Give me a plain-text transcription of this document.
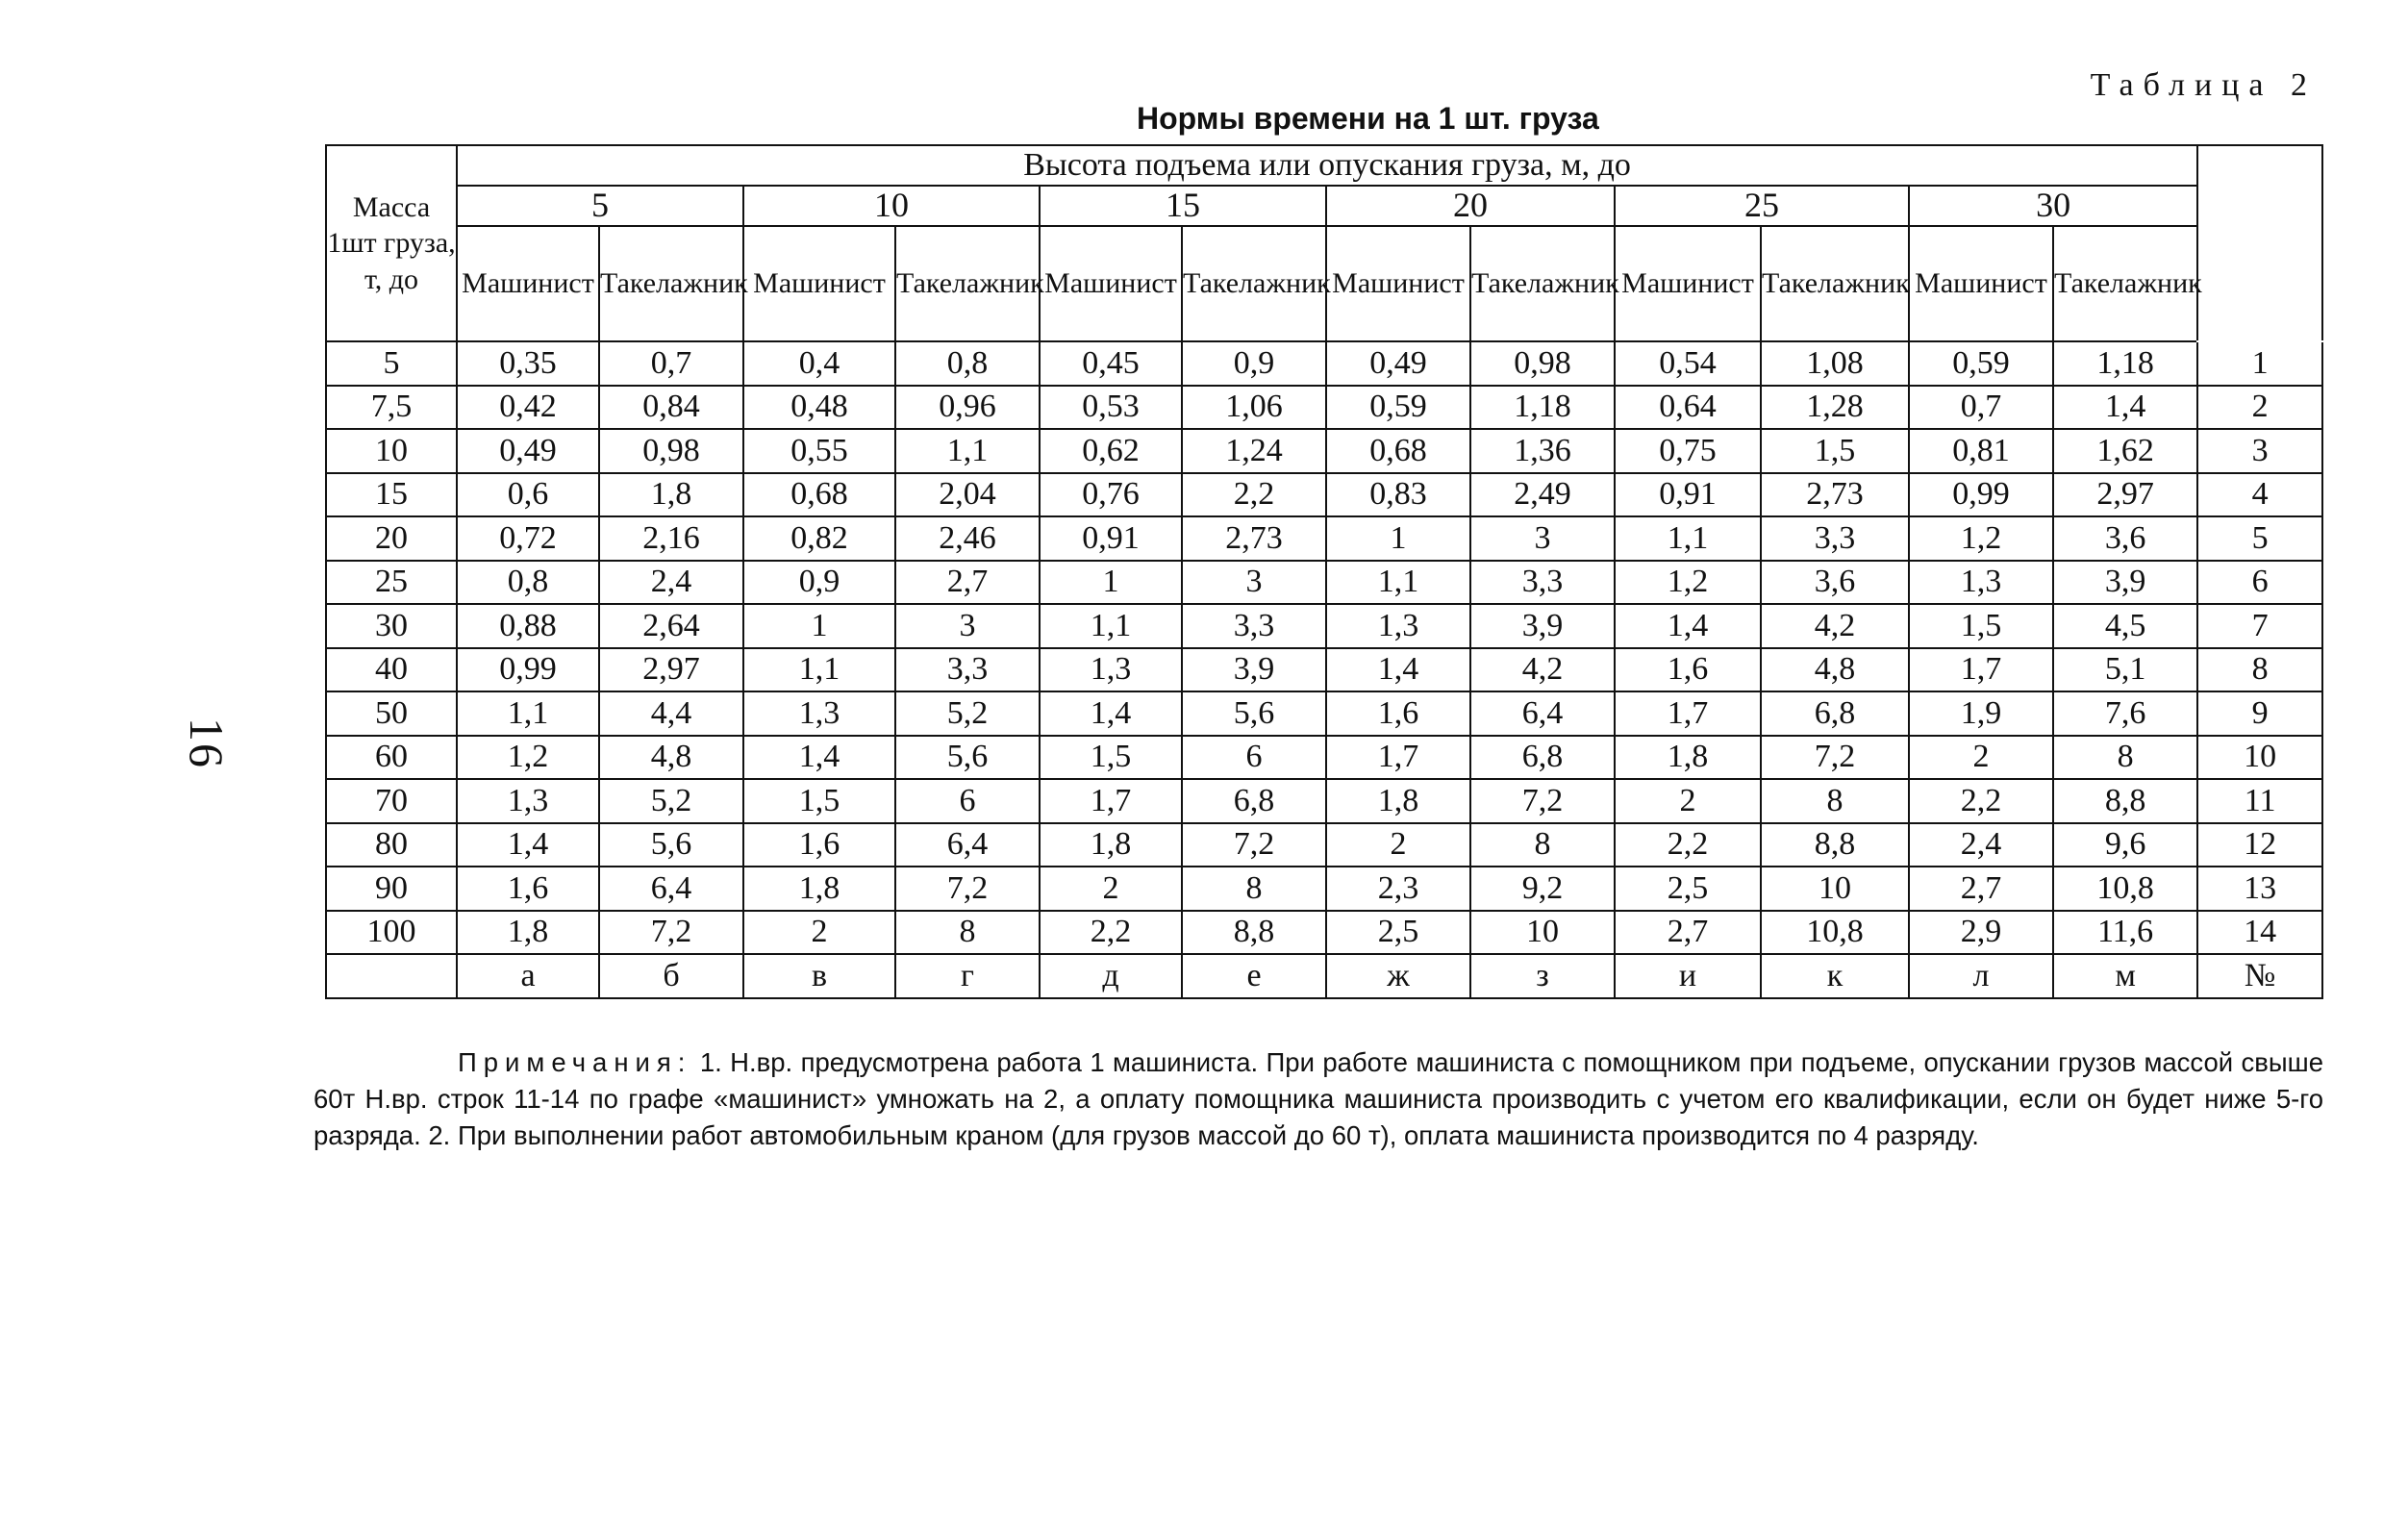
16
Таблица 2
Нормы времени на 1 шт. груза
Масса 1шт груза, т, до	Высота подъема или опускания груза, м, до												
	5		10		15		20		25		30		
	Машинист	Такелажник	Машинист	Такелажник	Машинист	Такелажник	Машинист	Такелажник	Машинист	Такелажник	Машинист	Такелажник	
5	0,35	0,7	0,4	0,8	0,45	0,9	0,49	0,98	0,54	1,08	0,59	1,18	1
7,5	0,42	0,84	0,48	0,96	0,53	1,06	0,59	1,18	0,64	1,28	0,7	1,4	2
10	0,49	0,98	0,55	1,1	0,62	1,24	0,68	1,36	0,75	1,5	0,81	1,62	3
15	0,6	1,8	0,68	2,04	0,76	2,2	0,83	2,49	0,91	2,73	0,99	2,97	4
20	0,72	2,16	0,82	2,46	0,91	2,73	1	3	1,1	3,3	1,2	3,6	5
25	0,8	2,4	0,9	2,7	1	3	1,1	3,3	1,2	3,6	1,3	3,9	6
30	0,88	2,64	1	3	1,1	3,3	1,3	3,9	1,4	4,2	1,5	4,5	7
40	0,99	2,97	1,1	3,3	1,3	3,9	1,4	4,2	1,6	4,8	1,7	5,1	8
50	1,1	4,4	1,3	5,2	1,4	5,6	1,6	6,4	1,7	6,8	1,9	7,6	9
60	1,2	4,8	1,4	5,6	1,5	6	1,7	6,8	1,8	7,2	2	8	10
70	1,3	5,2	1,5	6	1,7	6,8	1,8	7,2	2	8	2,2	8,8	11
80	1,4	5,6	1,6	6,4	1,8	7,2	2	8	2,2	8,8	2,4	9,6	12
90	1,6	6,4	1,8	7,2	2	8	2,3	9,2	2,5	10	2,7	10,8	13
100	1,8	7,2	2	8	2,2	8,8	2,5	10	2,7	10,8	2,9	11,6	14
	а	б	в	г	д	е	ж	з	и	к	л	м	№
Примечания: 1. Н.вр. предусмотрена работа 1 машиниста. При работе машиниста с помощником при подъеме, опускании грузов массой свыше 60т Н.вр. строк 11-14 по графе «машинист» умножать на 2, а оплату помощника машиниста производить с учетом его квалификации, если он будет ниже 5-го разряда. 2. При выполнении работ автомобильным краном (для грузов массой до 60 т), оплата машиниста производится по 4 разряду.
